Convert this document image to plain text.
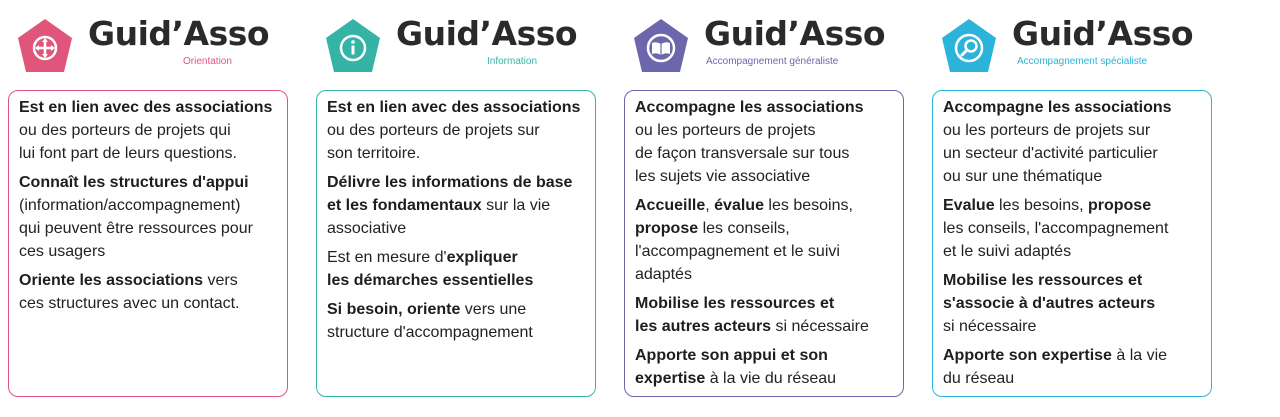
Guid’Asso
Orientation
Est en lien avec des associations
ou des porteurs de projets qui
lui font part de leurs questions.
Connaît les structures d'appui
(information/accompagnement)
qui peuvent être ressources pour
ces usagers
Oriente les associations vers
ces structures avec un contact.
Guid’Asso
Information
Est en lien avec des associations
ou des porteurs de projets sur
son territoire.
Délivre les informations de base
et les fondamentaux sur la vie
associative
Est en mesure d'expliquer
les démarches essentielles
Si besoin, oriente vers une
structure d'accompagnement
Guid’Asso
Accompagnement généraliste
Accompagne les associations
ou les porteurs de projets
de façon transversale sur tous
les sujets vie associative
Accueille, évalue les besoins,
propose les conseils,
l'accompagnement et le suivi
adaptés
Mobilise les ressources et
les autres acteurs si nécessaire
Apporte son appui et son
expertise à la vie du réseau
Guid’Asso
Accompagnement spécialiste
Accompagne les associations
ou les porteurs de projets sur
un secteur d'activité particulier
ou sur une thématique
Evalue les besoins, propose
les conseils, l'accompagnement
et le suivi adaptés
Mobilise les ressources et
s'associe à d'autres acteurs
si nécessaire
Apporte son expertise à la vie
du réseau
